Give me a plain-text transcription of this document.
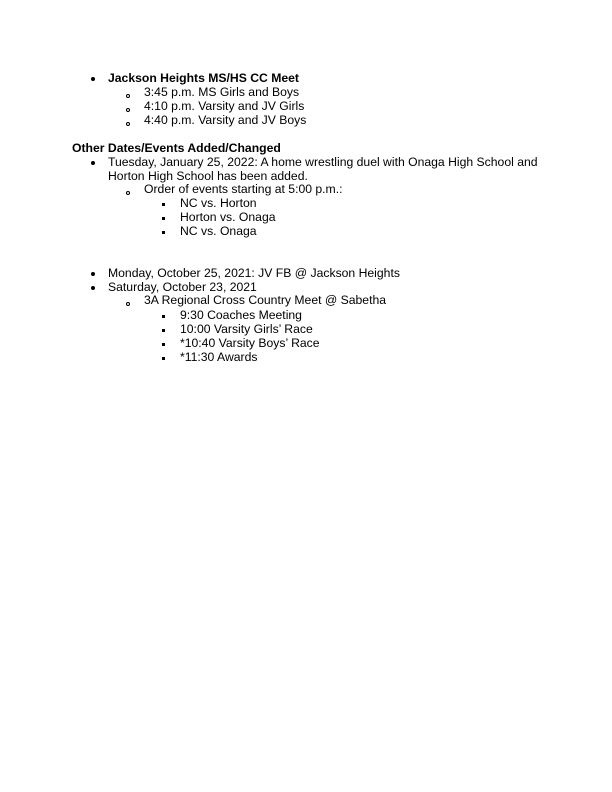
Jackson Heights MS/HS CC Meet
3:45 p.m. MS Girls and Boys
4:10 p.m. Varsity and JV Girls
4:40 p.m. Varsity and JV Boys
Other Dates/Events Added/Changed
Tuesday, January 25, 2022: A home wrestling duel with Onaga High School and
Horton High School has been added.
Order of events starting at 5:00 p.m.:
NC vs. Horton
Horton vs. Onaga
NC vs. Onaga
Monday, October 25, 2021: JV FB @ Jackson Heights
Saturday, October 23, 2021
3A Regional Cross Country Meet @ Sabetha
9:30 Coaches Meeting
10:00 Varsity Girls’ Race
*10:40 Varsity Boys’ Race
*11:30 Awards
